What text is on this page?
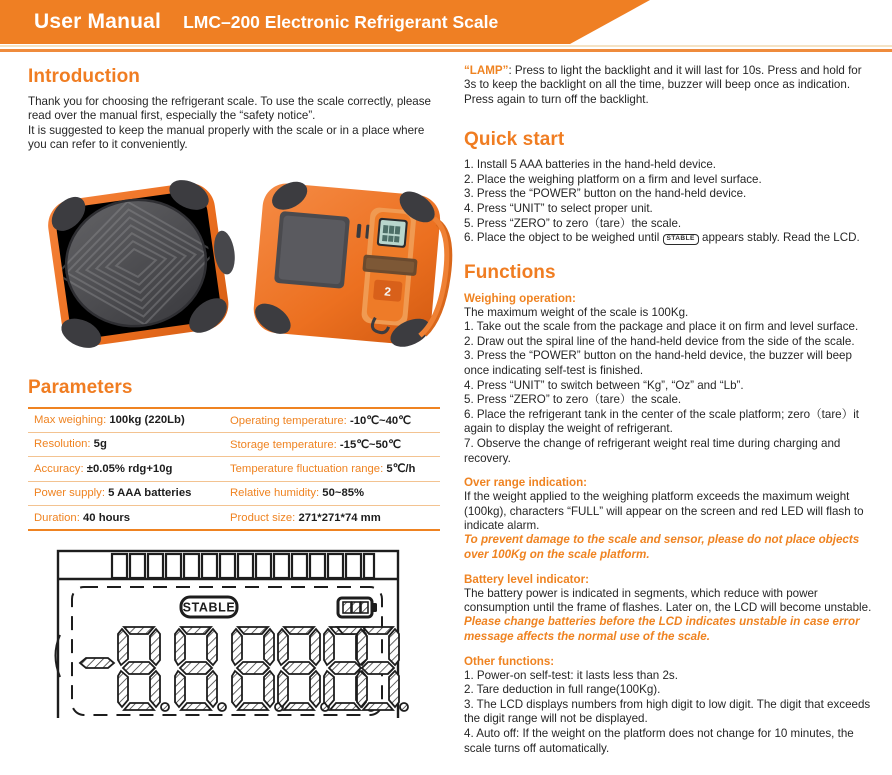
User Manual LMC–200 Electronic Refrigerant Scale
Introduction
Thank you for choosing the refrigerant scale. To use the scale correctly, please read over the manual first, especially the “safety notice”.
It is suggested to keep the manual properly with the scale or in a place where you can refer to it conveniently.
2
Parameters
Max weighing: 100kg (220Lb)	Operating temperature: -10℃~40℃
Resolution: 5g	Storage temperature: -15℃~50℃
Accuracy: ±0.05% rdg+10g	Temperature fluctuation range: 5℃/h
Power supply: 5 AAA batteries	Relative humidity: 50~85%
Duration: 40 hours	Product size: 271*271*74 mm
STABLE

“LAMP”: Press to light the backlight and it will last for 10s. Press and hold for 3s to keep the backlight on all the time, buzzer will beep once as indication. Press again to turn off the backlight.

Quick start
1. Install 5 AAA batteries in the hand-held device.
2. Place the weighing platform on a firm and level surface.
3. Press the “POWER” button on the hand-held device.
4. Press “UNIT” to select proper unit.
5. Press “ZERO” to zero（tare）the scale.
6. Place the object to be weighed until STABLE appears stably. Read the LCD.
Functions
Weighing operation:
The maximum weight of the scale is 100Kg.
1. Take out the scale from the package and place it on firm and level surface.
2. Draw out the spiral line of the hand-held device from the side of the scale.
3. Press the “POWER” button on the hand-held device, the buzzer will beep once indicating self-test is finished.
4. Press “UNIT” to switch between “Kg”, “Oz” and “Lb”.
5. Press “ZERO” to zero（tare）the scale.
6. Place the refrigerant tank in the center of the scale platform; zero（tare）it again to display the weight of refrigerant.
7. Observe the change of refrigerant weight real time during charging and recovery.
Over range indication:
If the weight applied to the weighing platform exceeds the maximum weight (100kg), characters “FULL” will appear on the screen and red LED will flash to indicate alarm.
To prevent damage to the scale and sensor, please do not place objects over 100Kg on the scale platform.
Battery level indicator:
The battery power is indicated in segments, which reduce with power consumption until the frame of flashes. Later on, the LCD will become unstable.
Please change batteries before the LCD indicates unstable in case error message affects the normal use of the scale.
Other functions:
1. Power-on self-test: it lasts less than 2s.
2. Tare deduction in full range(100Kg).
3. The LCD displays numbers from high digit to low digit. The digit that exceeds the digit range will not be displayed.
4. Auto off: If the weight on the platform does not change for 10 minutes, the scale turns off automatically.
